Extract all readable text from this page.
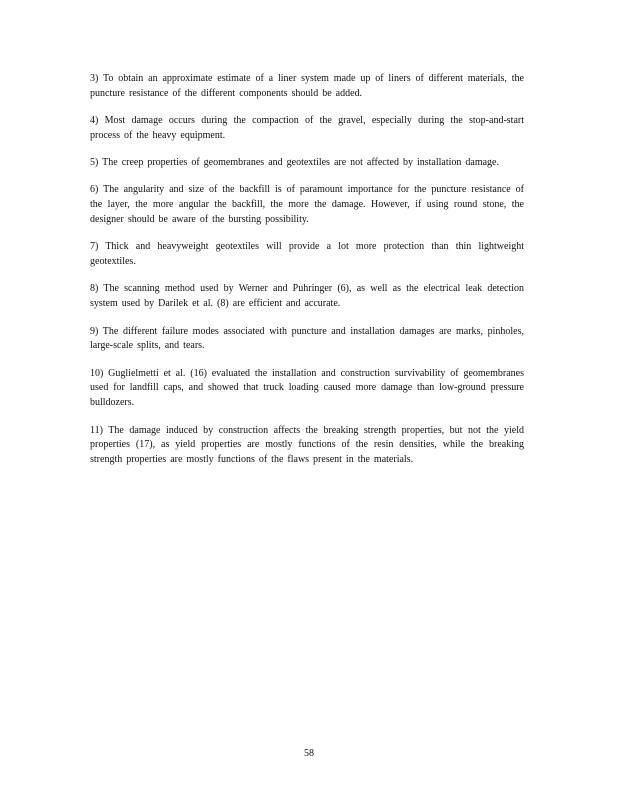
3) To obtain an approximate estimate of a liner system made up of liners of different materials, the puncture resistance of the different components should be added.

4) Most damage occurs during the compaction of the gravel, especially during the stop-and-start process of the heavy equipment.

5) The creep properties of geomembranes and geotextiles are not affected by installation damage.

6) The angularity and size of the backfill is of paramount importance for the puncture resistance of the layer, the more angular the backfill, the more the damage. However, if using round stone, the designer should be aware of the bursting possibility.

7) Thick and heavyweight geotextiles will provide a lot more protection than thin lightweight geotextiles.

8) The scanning method used by Werner and Puhringer (6), as well as the electrical leak detection system used by Darilek et al. (8) are efficient and accurate.

9) The different failure modes associated with puncture and installation damages are marks, pinholes, large-scale splits, and tears.

10) Guglielmetti et al. (16) evaluated the installation and construction survivability of geomembranes used for landfill caps, and showed that truck loading caused more damage than low-ground pressure bulldozers.

11) The damage induced by construction affects the breaking strength properties, but not the yield properties (17), as yield properties are mostly functions of the resin densities, while the breaking strength properties are mostly functions of the flaws present in the materials.

58
